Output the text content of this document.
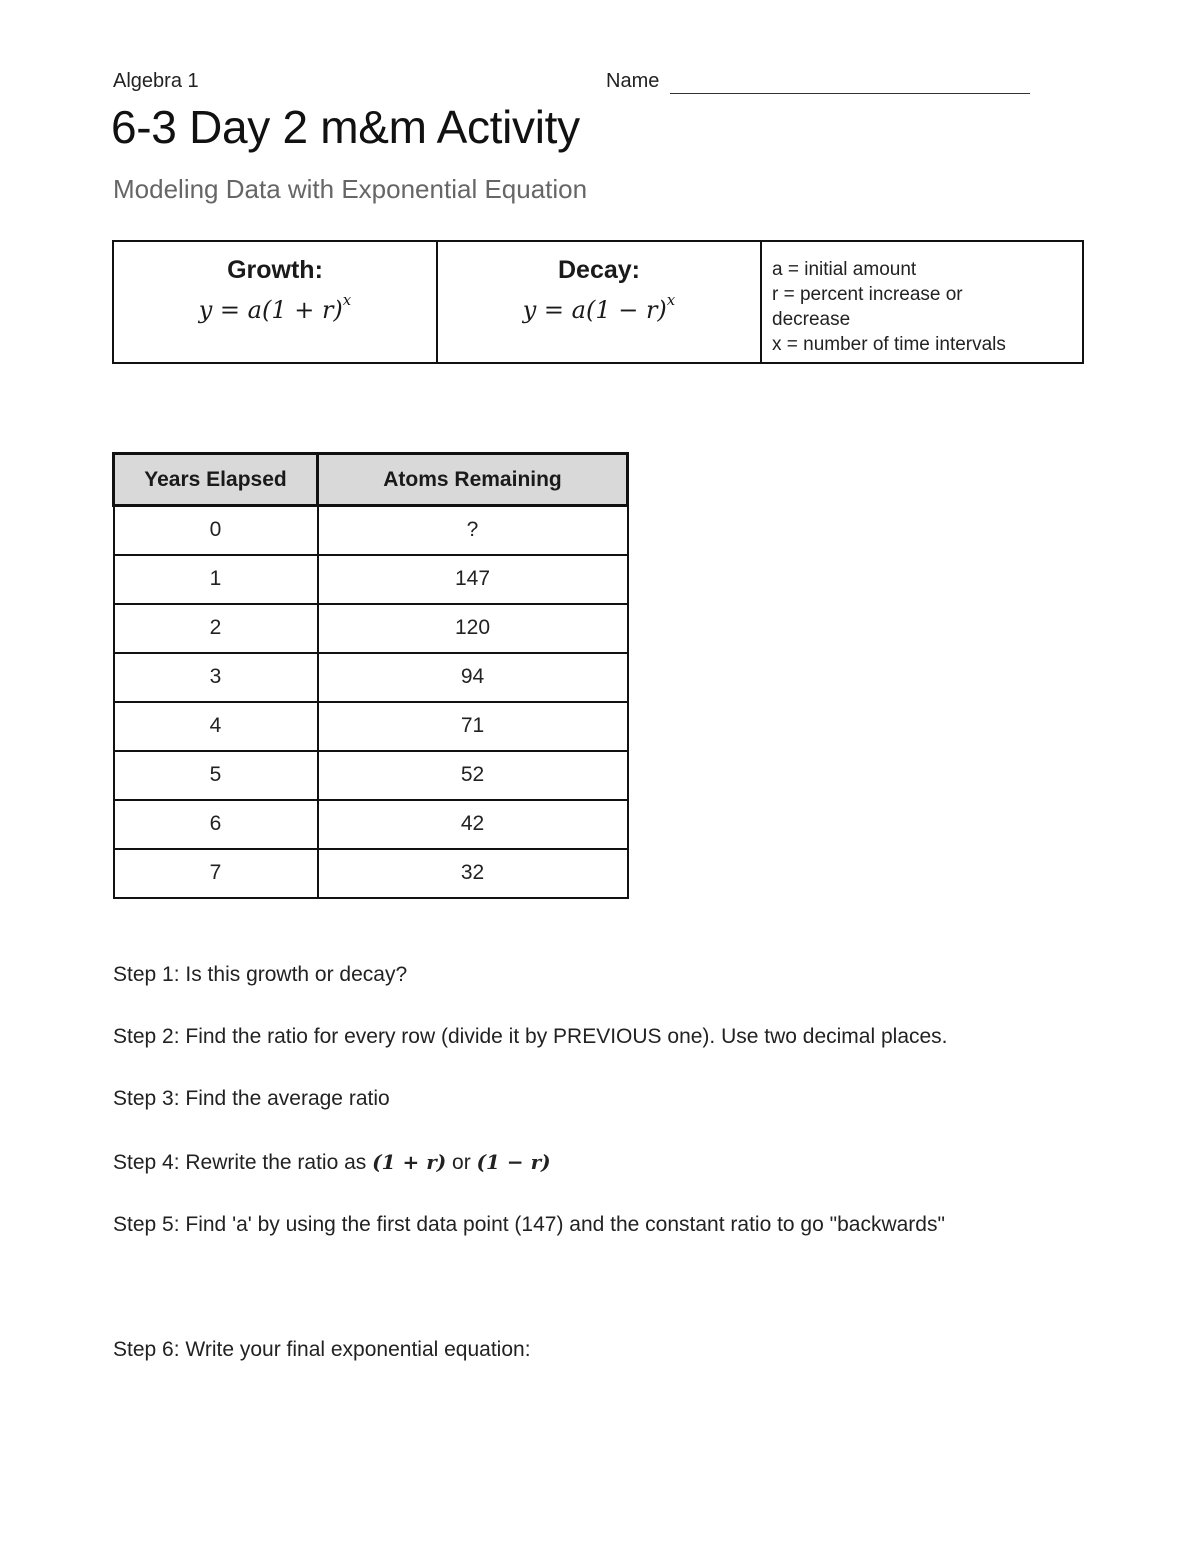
Algebra 1	Name
6-3 Day 2 m&m Activity
Modeling Data with Exponential Equation
Growth:
$y = a(1 + r)^x$
Decay:
$y = a(1 - r)^x$
a = initial amount
r = percent increase or
decrease
x = number of time intervals
Years Elapsed	Atoms Remaining
0	?
1	147
2	120
3	94
4	71
5	52
6	42
7	32
Step 1: Is this growth or decay?
Step 2: Find the ratio for every row (divide it by PREVIOUS one). Use two decimal places.
Step 3: Find the average ratio
Step 4: Rewrite the ratio as (1 + r) or (1 − r)
Step 5: Find 'a' by using the first data point (147) and the constant ratio to go "backwards"
Step 6: Write your final exponential equation:
